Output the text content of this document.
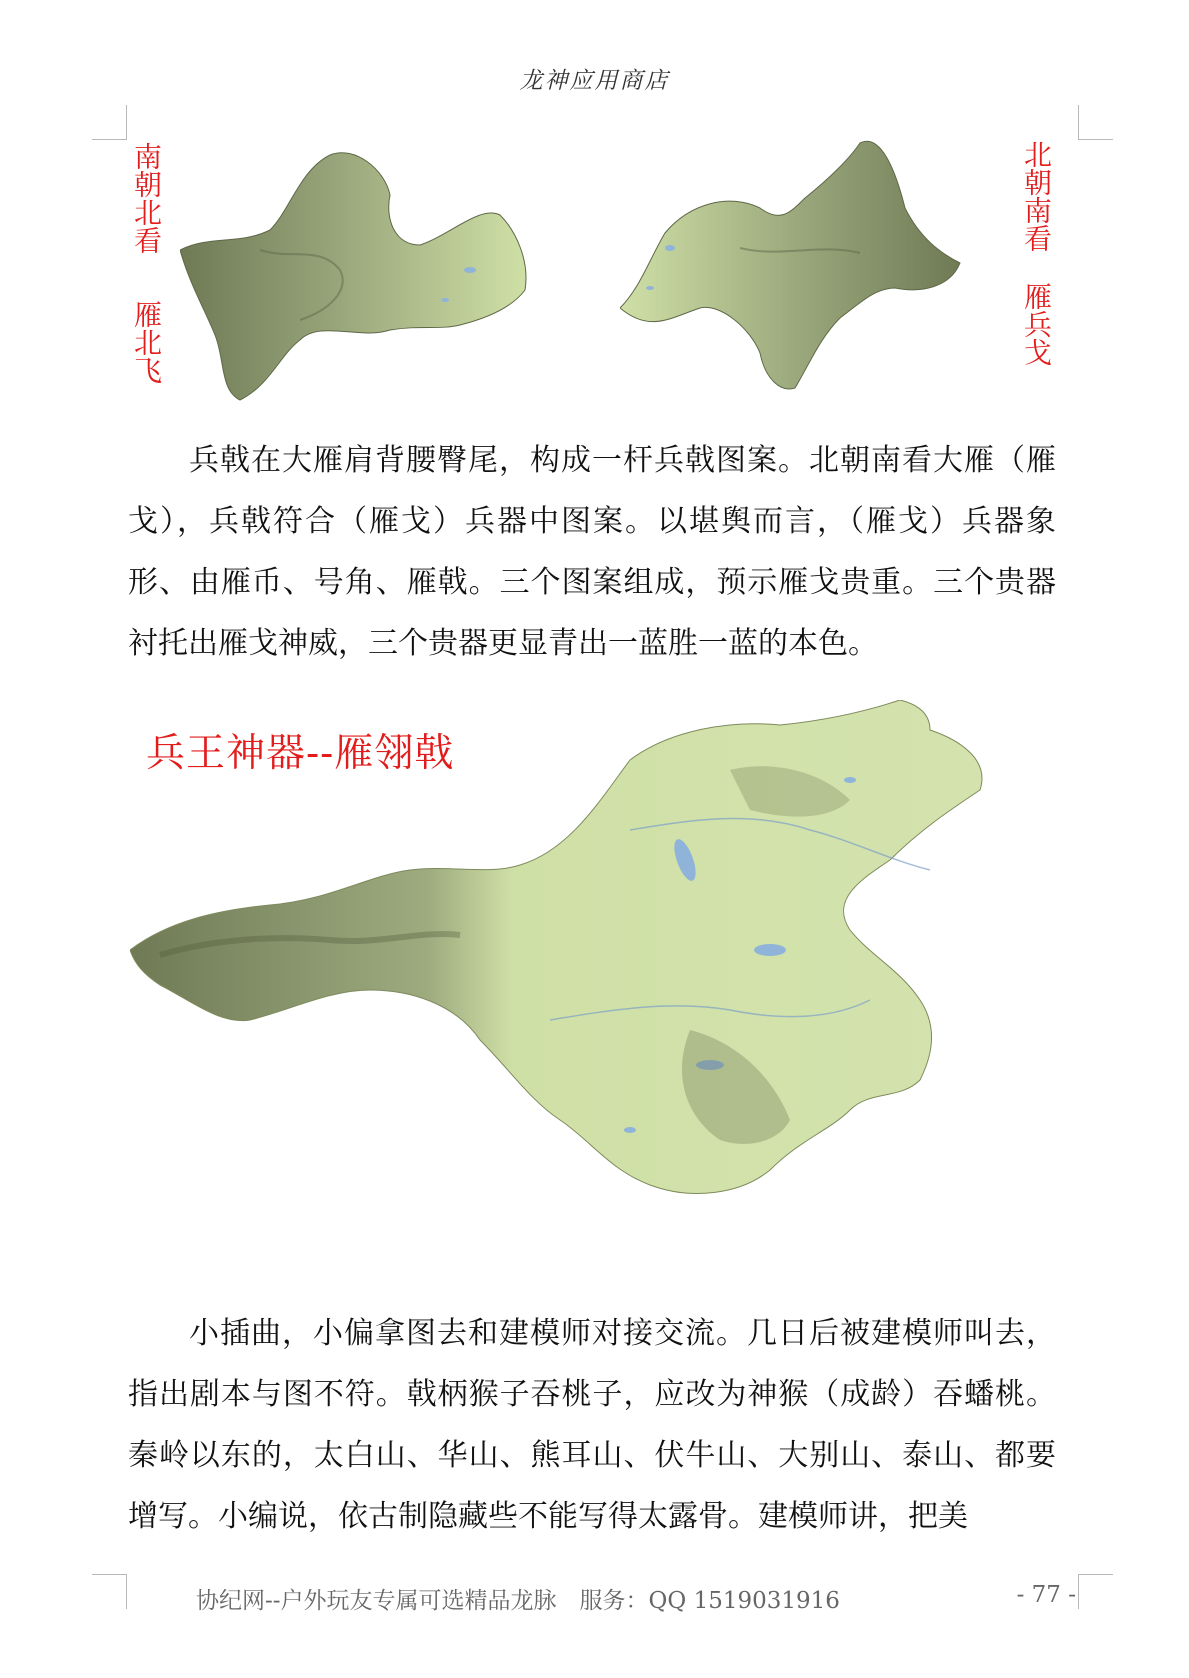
龙神应用商店
南朝北看
雁北飞
北朝南看
雁兵戈

兵戟在大雁肩背腰臀尾，构成一杆兵戟图案。北朝南看大雁（雁戈），兵戟符合（雁戈）兵器中图案。以堪舆而言，（雁戈）兵器象形、由雁币、号角、雁戟。三个图案组成，预示雁戈贵重。三个贵器衬托出雁戈神威，三个贵器更显青出一蓝胜一蓝的本色。

兵王神器--雁翎戟

小插曲，小偏拿图去和建模师对接交流。几日后被建模师叫去，指出剧本与图不符。戟柄猴子吞桃子，应改为神猴（成龄）吞蟠桃。秦岭以东的，太白山、华山、熊耳山、伏牛山、大别山、泰山、都要增写。小编说，依古制隐藏些不能写得太露骨。建模师讲，把美

协纪网--户外玩友专属可选精品龙脉　服务：QQ 1519031916	- 77 -
